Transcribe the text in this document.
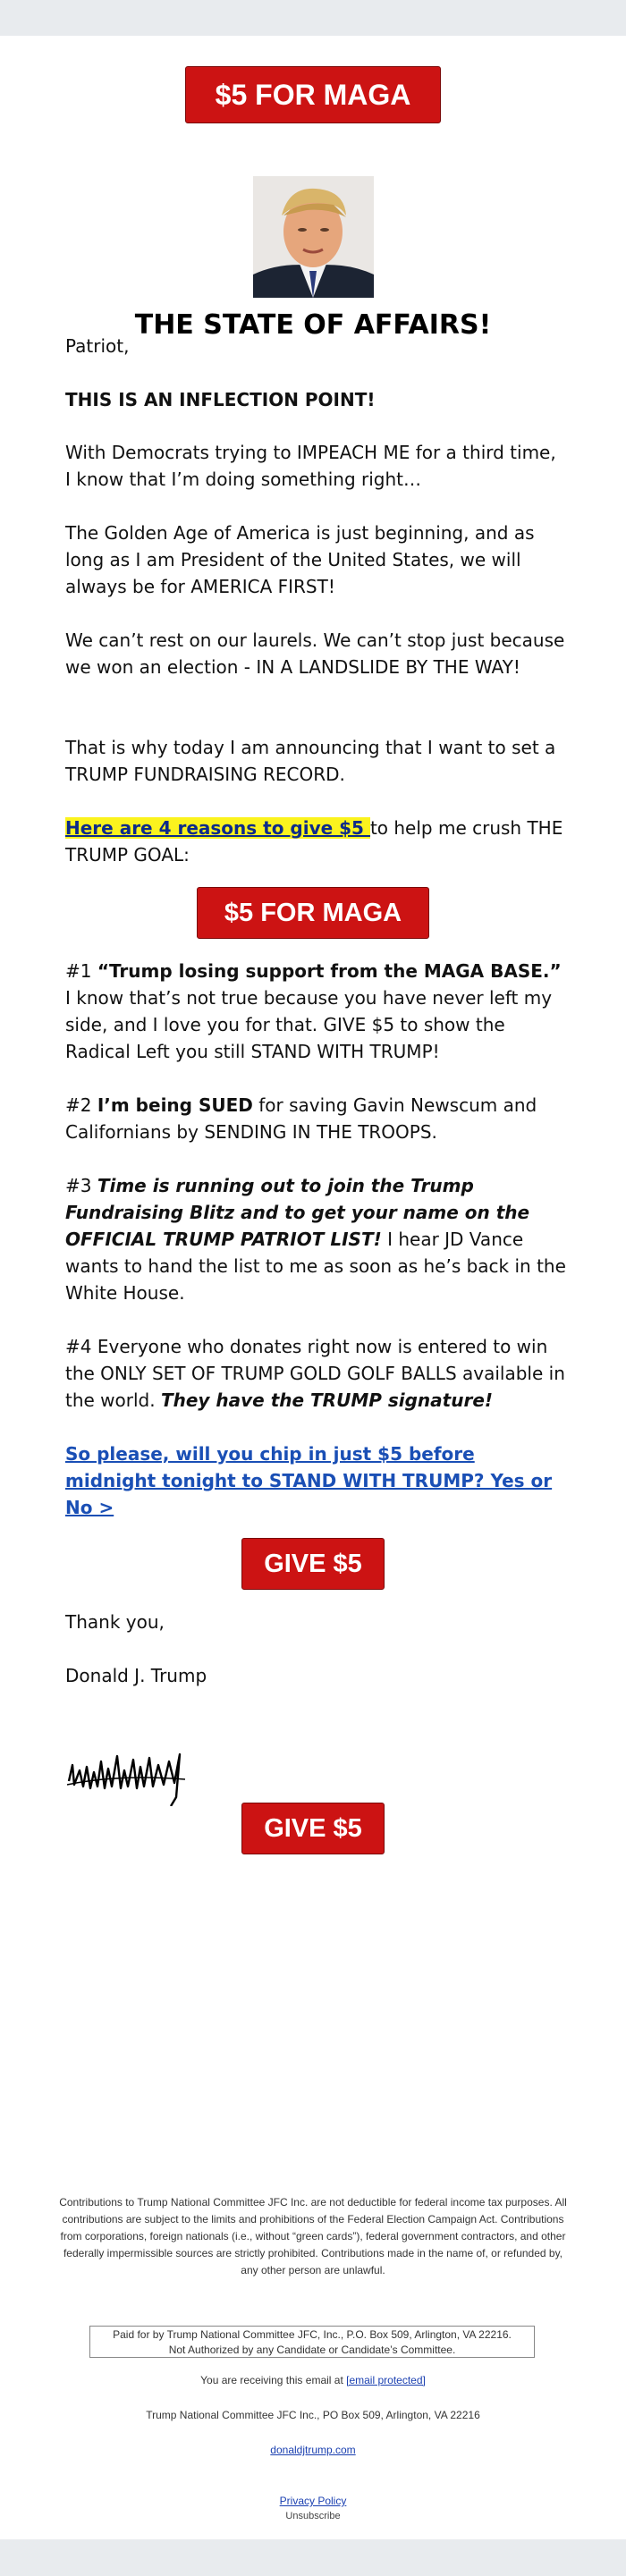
$5 FOR MAGA
THE STATE OF AFFAIRS!

Patriot,

THIS IS AN INFLECTION POINT!

With Democrats trying to IMPEACH ME for a third time, I know that I’m doing something right…

The Golden Age of America is just beginning, and as long as I am President of the United States, we will always be for AMERICA FIRST!

We can’t rest on our laurels. We can’t stop just because we won an election - IN A LANDSLIDE BY THE WAY!

That is why today I am announcing that I want to set a TRUMP FUNDRAISING RECORD.

Here are 4 reasons to give $5 to help me crush THE TRUMP GOAL:

$5 FOR MAGA

#1 “Trump losing support from the MAGA BASE.” I know that’s not true because you have never left my side, and I love you for that. GIVE $5 to show the Radical Left you still STAND WITH TRUMP!

#2 I’m being SUED for saving Gavin Newscum and Californians by SENDING IN THE TROOPS.

#3 Time is running out to join the Trump Fundraising Blitz and to get your name on the OFFICIAL TRUMP PATRIOT LIST! I hear JD Vance wants to hand the list to me as soon as he’s back in the White House.

#4 Everyone who donates right now is entered to win the ONLY SET OF TRUMP GOLD GOLF BALLS available in the world. They have the TRUMP signature!

So please, will you chip in just $5 before midnight tonight to STAND WITH TRUMP? Yes or No >

GIVE $5

Thank you,

Donald J. Trump

GIVE $5
Contributions to Trump National Committee JFC Inc. are not deductible for federal income tax purposes. All contributions are subject to the limits and prohibitions of the Federal Election Campaign Act. Contributions from corporations, foreign nationals (i.e., without “green cards”), federal government contractors, and other federally impermissible sources are strictly prohibited. Contributions made in the name of, or refunded by, any other person are unlawful.
Paid for by Trump National Committee JFC, Inc., P.O. Box 509, Arlington, VA 22216.
Not Authorized by any Candidate or Candidate’s Committee.
You are receiving this email at [email protected]
Trump National Committee JFC Inc., PO Box 509, Arlington, VA 22216
donaldjtrump.com
Privacy Policy
Unsubscribe
